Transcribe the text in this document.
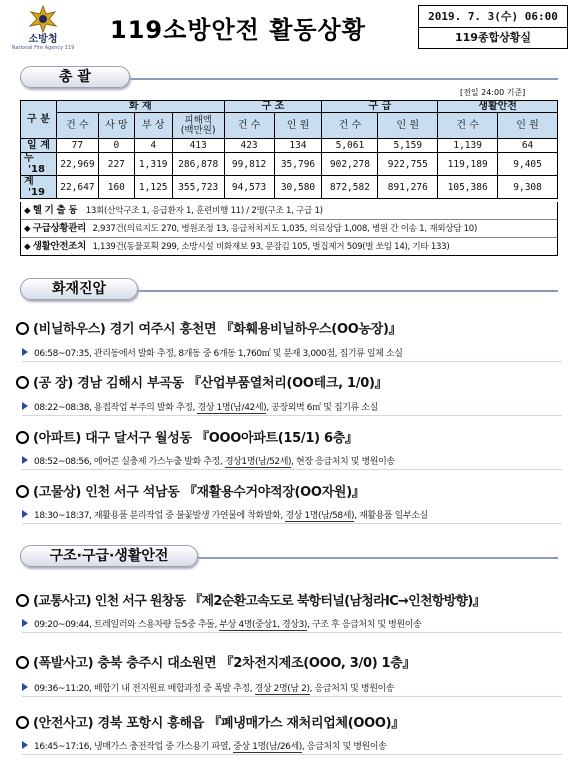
소방청
National Fire Agency 119
119소방안전 활동상황	2019. 7. 3(수) 06:00
119종합상황실
총 괄
[전일 24:00 기준]
구 분	화 재				구 조		구 급		생활안전	
	건 수	사 망	부 상	피해액
(백만원)	건 수	인 원	건 수	인 원	건 수	인 원
일 계	77	0	4	413	423	134	5,061	5,159	1,139	64
누 '18	22,969	227	1,319	286,878	99,812	35,796	902,278	922,755	119,189	9,405
계 '19	22,647	160	1,125	355,723	94,573	30,580	872,582	891,276	105,386	9,308
◆ 헬 기 출 동 13회(산악구조 1, 응급환자 1, 훈련비행 11) / 2명(구조 1, 구급 1)
◆ 구급상황관리 2,937건(의료지도 270, 병원조정 13, 응급처치지도 1,035, 의료상담 1,008, 병원 간 이송 1, 재외상담 10)
◆ 생활안전조치 1,139건(동물포획 299, 소방시설 비화재보 93, 문잠김 105, 벌집제거 509(벌 쏘임 14), 기타 133)
화재진압
(비닐하우스) 경기 여주시 흥천면 『화훼용비닐하우스(OO농장)』
06:58~07:35, 관리동에서 발화 추정, 8개동 중 6개동 1,760㎡ 및 분재 3,000점, 집기류 일체 소실
(공 장) 경남 김해시 부곡동 『산업부품열처리(OO테크, 1/0)』
08:22~08:38, 용접작업 부주의 발화 추정, 경상 1명(남/42세), 공장외벽 6㎡ 및 집기류 소실
(아파트) 대구 달서구 월성동 『OOO아파트(15/1) 6층』
08:52~08:56, 에어콘 실충제 가스누출 발화 추정, 경상1명(남/52세), 현장 응급처치 및 병원이송
(고물상) 인천 서구 석남동 『재활용수거야적장(OO자원)』
18:30~18:37, 재활용품 분리작업 중 불꽃발생 가연물에 착화발화, 경상 1명(남/58세), 재활용품 일부소실
구조·구급·생활안전
(교통사고) 인천 서구 원창동 『제2순환고속도로 북항터널(남청라IC→인천항방향)』
09:20~09:44, 트레일러와 스용차량 등5중 추돌, 부상 4명(중상1, 경상3), 구조 후 응급처치 및 병원이송
(폭발사고) 충북 충주시 대소원면 『2차전지제조(OOO, 3/0) 1층』
09:36~11:20, 배합기 내 전지원료 배합과정 중 폭발 추정, 경상 2명(남 2), 응급처치 및 병원이송
(안전사고) 경북 포항시 흥해읍 『폐냉매가스 재처리업체(OOO)』
16:45~17:16, 냉매가스 충전작업 중 가스용기 파열, 중상 1명(남/26세), 응급처치 및 병원이송
